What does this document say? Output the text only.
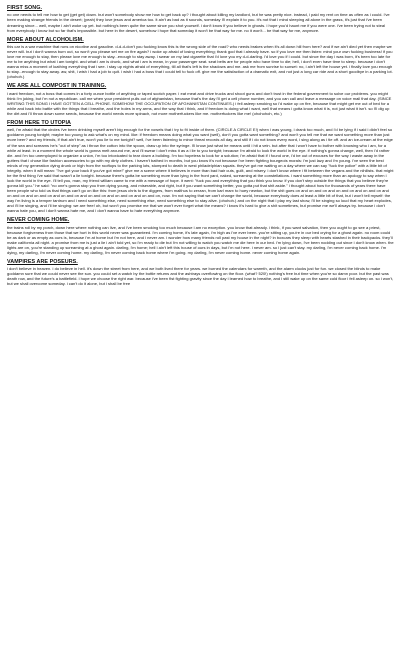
FIRST SONG.

no one needs to tell me how to get (get get) down. but won't somebody show me how to get back up? i thought about killing my landlord, but he was pretty nice. instead, i paid my rent on time as often as i could. i've been making strange friends in the desert; (yeah) they love jesus and america too. it ain't as bad as it sounds, someday i'll explain it to you. it's not that i mind sleeping all alone in the grass, it's just that i've been dreaming since... well, maybe i ain't woke up yet. but nothing's been quite the same since you shot yourself. i don't know if you believe in ghosts. i hope you'd haunt me if you were one. i've been trying not to steal from everybody i know but so far that's impossible. but here in the desert, somehow i hope that someday it won't be that way for me. no it won't... be that way for me, anymore.

MORE ABOUT ALCOHOLISM.

this car is a war machine that runs on nicotine and gasoline. d-d-d-don't you fucking know this is the wrong side of the road? who needs brakes when it's all down hill from here? and if we ain't died yet then maybe we never will. but i don't wanna burn out, so won't you please set me on fire again? i woke up afraid of losing everything; thank god that i already have. so if you love me then listen: mind your own fucking business! if you love me enough to stay, then please love me enough to stay...enough to stay away. i swear on my last cigarette that i'd love you my d-d-darling. i'd love you if i could. but since the day i was born, it's been too late for me to be anything but what i am tonight. and what i am is drunk, and what i am is mean, in your passenger seat. seat belts are for people who have time to die; hell, i don't even have time to sleep. because i don't wanna miss a moment of loathing everything that i see. i stay up nights afraid of everything, till all that's left is the shadows and me. ask me from sunrise to sunset: no, i ain't left the house yet. i finally love you enough to stay...enough to stay away. aw, shit, i wish i had a job to quit. i wish i had a boss that i could tell to fuck off. give me the satisfaction of a dramatic exit, and not just a long car ride and a short goodbye in a parking lot. (ohohoh.)

WE ARE ALL COMPOST IN TRAINING.

i want freedom, not a boss that comes in a forty ounce bottle of anything or taped scotch paper. i eat meat and drive trucks and shoot guns and don't trust in the federal government to solve our problems. you might think i'm joking, but i'm not a republican. call me when your president pulls out of afghanistan, because that's the day i'll get a cell phone number, and you can call and leave a message on voice mail that day. (SINCE WRITING THIS SONG I HAVE GOTTEN A CELL PHONE. SOMEHOW THE OCCUPATION OF AFGHANISTAN CONTINUES.) i fell asleep smoking so i'd wake up on fire, because that might get me out of bed for a while and back into battle with the things that i breathe, and the holes in my arms, and the way that i think, and if freedom is doing what i want, well that means i gotta know what it is, not just what it isn't. so i'll dig up the dirt and i'll throw down some seeds, because the world needs more spinach, not more motherfuckers like me. motherfuckers like me! (ohohohoh, etc.)

FROM HERE TO UTOPIA

well, i'm afraid that the circles i've been drinking myself aren't big enough for the vowels that i try to fit inside of them. (CIRCLE A CIRCLE E!) when i was young, i drank too much, and i'd be lying if i said i didn't feel so goddamn young tonight; maybe too young to ask what's on my mind. like: if freedom means doing what you want (well), don't you gotta want something? and won't you tell me that we want something more than just more beer? and my friends, if that ain't true, won't you lie to me tonight? well, i've been listening to minor threat records all day, and still if i do not know every word, i sing along as i tie off. and an ice-cream at the edge of the sea and screams he's "out of step" as i throw the cotton into the spoon, draw up into the syringe. i'll know just what he means until i hit a vein. but after that i won't have to bother with knowing who i am, for a while at least. in a moment the whole world is gonna melt around me, and i'll swear i don't miss it as a i lie to you tonight; because i'm afraid to look the world in the eye. if nothing's gonna change, well, then i'd rather die. and i'm too unemployed to organize a union, i'm too intoxicated to tear down a building. i'm too hopeless to look for a solution; i'm afraid that if i found one, i'd be out of excuses for the way i waste away in the gutters that i chose like fashion accessories to go with my dirty clothes. i haven't bathed in months, but you know it's not because i've been fighting bourgeois morals: i'm just lazy and i'm young. i've seen the best minds of my generation dying drunk or high from the rooftops to the parking lots, stomped to death in west philadelphian squats. they've got me waiting on a day where we can say "fuck the police" with a little bit of integrity. when it will mean: "i've got your back if you've got mine!" give me a scene where it believes in more than bad hair cuts, guilt, and misery. i don't know where i fit between the vegans and the nihilists. that might be the first thing i've said that wasn't a lie tonight. because there's gotta be something more than lying in the front yard, naked, screaming at the constellations. i want something more than an apology to say when i look the world in the eye. i'll tell you, man, my friend william came to me with a message of hope. it went: "fuck you and everything that you think you know. if you don't step outside the things that you believe they're gonna kill you." he said: "no one's gonna stop you from dying young, and miserable, and right, but if you want something better, you gotta put that shit aside." i thought about how for thousands of years there have been people who told us that things can't go on like this: from jesus chris to the diggers, from malthus to zerzan, from karl marx to huey newton, but the shit goes on and on and on and on and on and on and on and on and on and on and on and on and on and on and on and on and on and on and on, now. i'm not saying that we can't change the world, because everybody does at least a little bit of that, but i won't tell myself: the way i'm living is a temper tantrum and i need something else, need something else, need something else to stay alive. (ohohoh.) and on the night that i play my last show, i'll be singing so loud that my heart explodes, and i'll be singing, and i'll be singing: we are free! oh, but won't you promise me that we won't ever forget what the means? i know it's hard to give a shit sometimes, but promise me we'll always try. because i don't wanna hate you, and i don't wanna hate me, and i don't wanna have to hate everything anymore.

NEVER COMING HOME.

the trains roll by my porch, down here where nothing can live, and i've been smoking too much because i am no exception. you know that already. i think, if you want salvation, then you ought to go see a priest, because forgiveness from those that we hurt in this world never was guaranteed. i'm coming home, it's late again, i'm high as i've ever been. you're sitting up, you're in our bed crying for a ghost again. no room could be as dark or as empty as ours is, because i'm at home but i'm not here, and i never am. i wonder how many friends roll past my house in the night? in boxcars they sleep with hearts stashed in their backpacks. they'll make california all night. a promise from me is just a lie i ain't told yet, so i'm ready to die but i'm not willing to watch you watch me die here in our bed. i'm lying down, i've been nodding out since i don't know when. the lights are on, you're standing up screaming at a ghost again. darling, i'm home; hell i ain't left this house of ours in days, but i'm not here. i never am. so i just can't stay. my darling, i'm never coming back home. i'm dying, my darling, i'm never coming home. my darling, i'm never coming back home where i'm going. my darling, i'm never coming home. never coming home again.

VAMPIRES ARE POSEURS.

i don't believe in heaven. i do believe in hell. it's down the street from here, and we both lived there for years. we burned the calendars for warmth, and the alarm clocks just for fun. we closed the blinds to make goddamn sure that we could never see the sun. you could set a watch by the bottle returns and the ashtrays overflowing on the floor. (what? 520!) nothing's free but time when you're so damn poor. but the past was death row, and the future's a battlefield. i hope we choose the right war. because i've been fist fighting gravity since the day i learned how to breathe, and i still wake up on the same cold floor i fell asleep on. so i won't, but we shall overcome someday. i can't do it alone, but i shall be free
